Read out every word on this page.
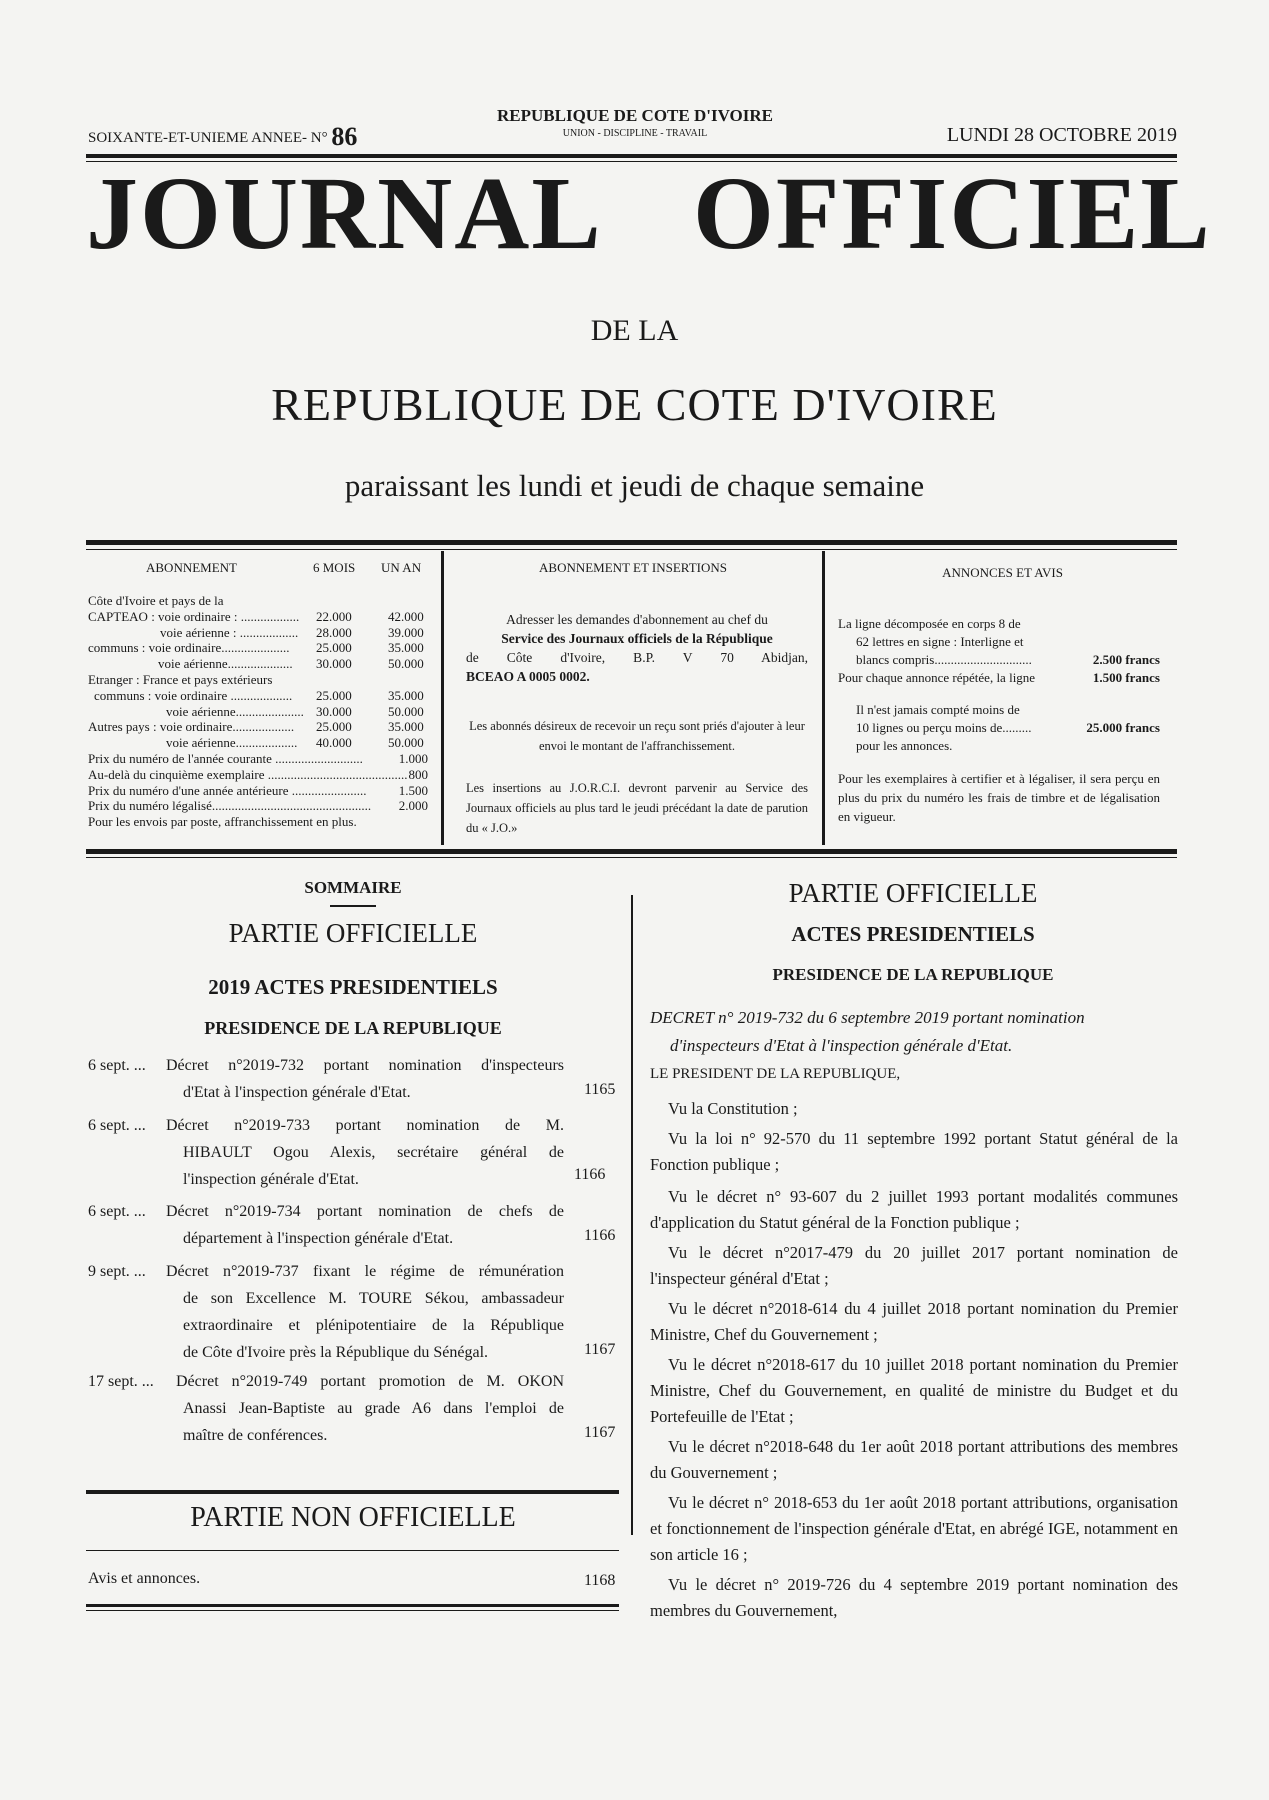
SOIXANTE-ET-UNIEME ANNEE- N° 86
REPUBLIQUE DE COTE D'IVOIRE
UNION - DISCIPLINE - TRAVAIL	LUNDI 28 OCTOBRE 2019
JOURNAL OFFICIEL
DE LA
REPUBLIQUE DE COTE D'IVOIRE
paraissant les lundi et jeudi de chaque semaine
ABONNEMENT	6 MOIS UN AN
Côte d'Ivoire et pays de la
CAPTEAO : voie ordinaire : .................. 22.000	42.000
voie aérienne : .................. 28.000	39.000
communs : voie ordinaire..................... 25.000	35.000
voie aérienne.................... 30.000	50.000
Etranger : France et pays extérieurs
communs : voie ordinaire ................... 25.000	35.000
voie aérienne..................... 30.000	50.000
Autres pays : voie ordinaire................... 25.000	35.000
voie aérienne................... 40.000	50.000
Prix du numéro de l'année courante ...........................	1.000
Au-delà du cinquième exemplaire ........................................... 800
Prix du numéro d'une année antérieure ....................... 1.500
Prix du numéro légalisé................................................. 2.000
Pour les envois par poste, affranchissement en plus.
ABONNEMENT ET INSERTIONS
Adresser les demandes d'abonnement au chef du
Service des Journaux officiels de la République
de Côte d'Ivoire, B.P. V 70 Abidjan,
BCEAO A 0005 0002.
Les abonnés désireux de recevoir un reçu sont priés d'ajouter à leur envoi le montant de l'affranchissement.
Les insertions au J.O.R.C.I. devront parvenir au Service des Journaux officiels au plus tard le jeudi précédant la date de parution du « J.O.»
ANNONCES ET AVIS
La ligne décomposée en corps 8 de
62 lettres en signe : Interligne et
blancs compris..............................	2.500 francs
Pour chaque annonce répétée, la ligne	1.500 francs
Il n'est jamais compté moins de
10 lignes ou perçu moins de.........	25.000 francs
pour les annonces.
Pour les exemplaires à certifier et à légaliser, il sera perçu en plus du prix du numéro les frais de timbre et de légalisation en vigueur.
SOMMAIRE
PARTIE OFFICIELLE
2019 ACTES PRESIDENTIELS
PRESIDENCE DE LA REPUBLIQUE
6 sept. ... Décret n°2019-732 portant nomination d'inspecteurs
d'Etat à l'inspection générale d'Etat.	1165
6 sept. ... Décret n°2019-733 portant nomination de M.
HIBAULT Ogou Alexis, secrétaire général de
l'inspection générale d'Etat.	1166
6 sept. ... Décret n°2019-734 portant nomination de chefs de
département à l'inspection générale d'Etat.	1166
9 sept. ... Décret n°2019-737 fixant le régime de rémunération
de son Excellence M. TOURE Sékou, ambassadeur
extraordinaire et plénipotentiaire de la République
de Côte d'Ivoire près la République du Sénégal.	1167
17 sept. ... Décret n°2019-749 portant promotion de M. OKON
Anassi Jean-Baptiste au grade A6 dans l'emploi de
maître de conférences.	1167
PARTIE NON OFFICIELLE
Avis et annonces.	1168
PARTIE OFFICIELLE
ACTES PRESIDENTIELS
PRESIDENCE DE LA REPUBLIQUE
DECRET n° 2019-732 du 6 septembre 2019 portant nomination
d'inspecteurs d'Etat à l'inspection générale d'Etat.
LE PRESIDENT DE LA REPUBLIQUE,
Vu la Constitution ;
Vu la loi n° 92-570 du 11 septembre 1992 portant Statut général de la Fonction publique ;
Vu le décret n° 93-607 du 2 juillet 1993 portant modalités communes d'application du Statut général de la Fonction publique ;
Vu le décret n°2017-479 du 20 juillet 2017 portant nomination de l'inspecteur général d'Etat ;
Vu le décret n°2018-614 du 4 juillet 2018 portant nomination du Premier Ministre, Chef du Gouvernement ;
Vu le décret n°2018-617 du 10 juillet 2018 portant nomination du Premier Ministre, Chef du Gouvernement, en qualité de ministre du Budget et du Portefeuille de l'Etat ;
Vu le décret n°2018-648 du 1er août 2018 portant attributions des membres du Gouvernement ;
Vu le décret n° 2018-653 du 1er août 2018 portant attributions, organisation et fonctionnement de l'inspection générale d'Etat, en abrégé IGE, notamment en son article 16 ;
Vu le décret n° 2019-726 du 4 septembre 2019 portant nomination des membres du Gouvernement,
